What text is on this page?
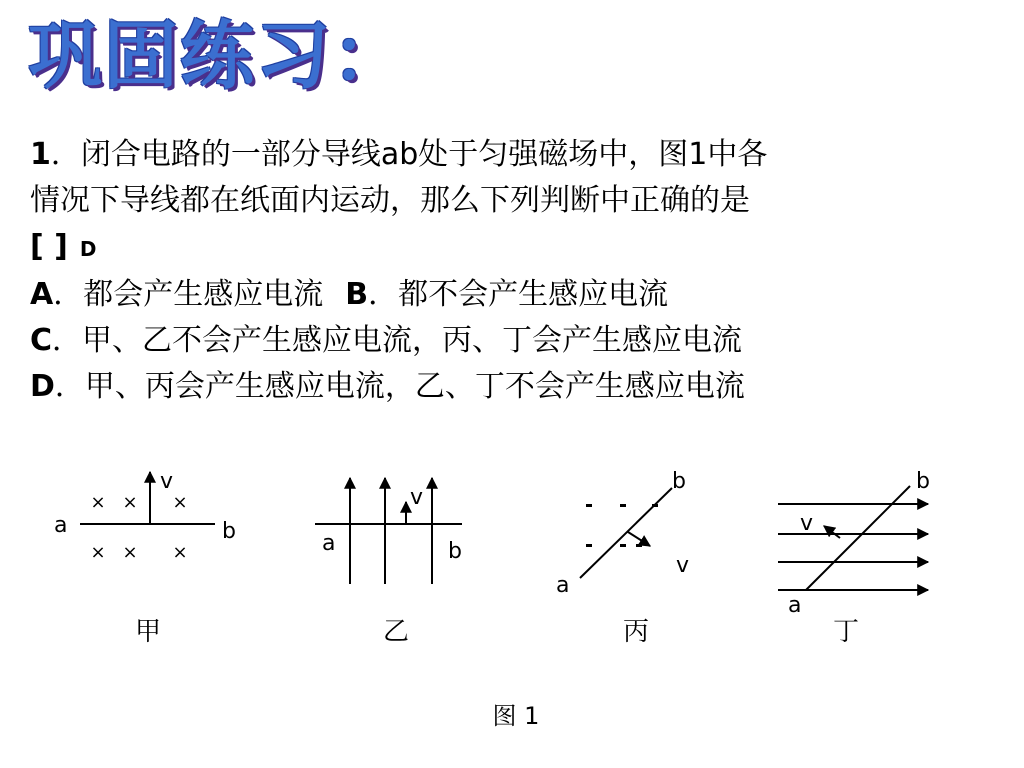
巩固练习：
1．闭合电路的一部分导线ab处于匀强磁场中，图1中各
情况下导线都在纸面内运动，那么下列判断中正确的是
[ ] D
A．都会产生感应电流 B．都不会产生感应电流
C．甲、乙不会产生感应电流，丙、丁会产生感应电流
D．甲、丙会产生感应电流，乙、丁不会产生感应电流
× × ×
× × ×
a	b
v
甲
a	b
v
乙
a
b
v
丙
a
b
v
丁
图 1
